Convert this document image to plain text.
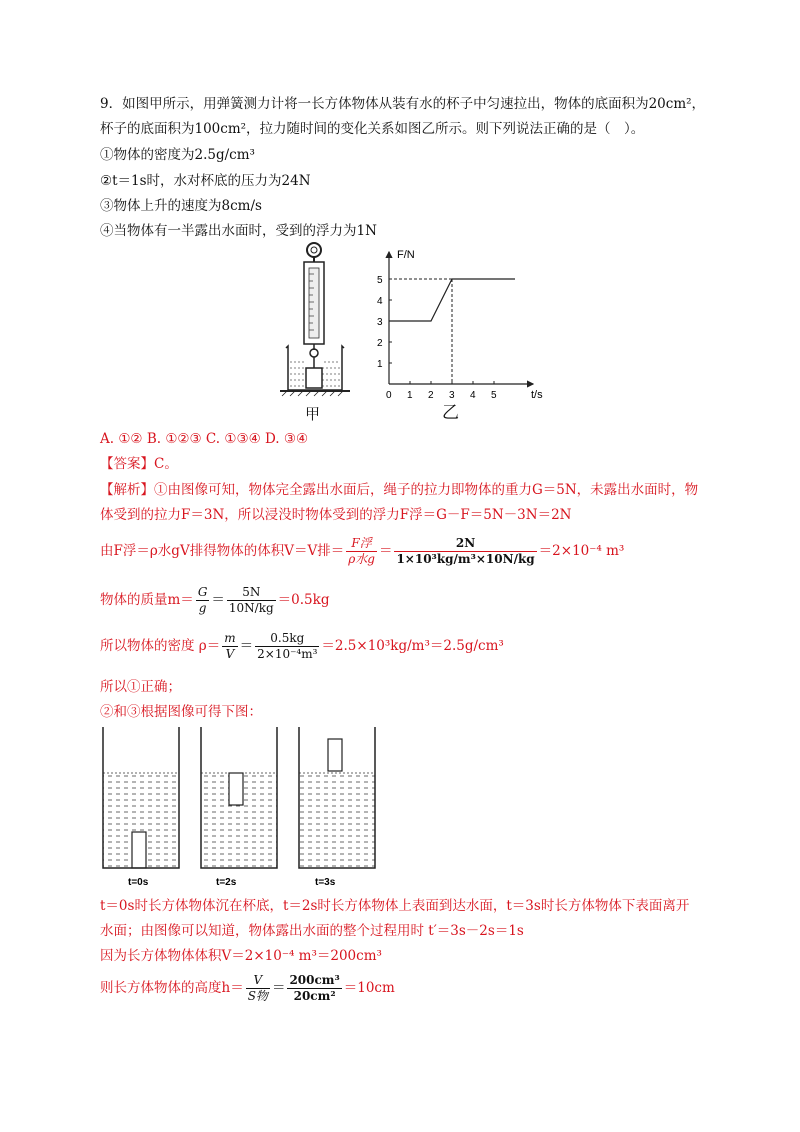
9．如图甲所示，用弹簧测力计将一长方体物体从装有水的杯子中匀速拉出，物体的底面积为20cm²，
杯子的底面积为100cm²，拉力随时间的变化关系如图乙所示。则下列说法正确的是（　）。
①物体的密度为2.5g/cm³
②t＝1s时，水对杯底的压力为24N
③物体上升的速度为8cm/s
④当物体有一半露出水面时，受到的浮力为1N
甲
F/N
t/s
0 1 2 3 4 5
1
2
3
4
5
乙
A. ①② B. ①②③ C. ①③④ D. ③④
【答案】C。
【解析】①由图像可知，物体完全露出水面后，绳子的拉力即物体的重力G＝5N，未露出水面时，物
体受到的拉力F＝3N，所以浸没时物体受到的浮力F浮＝G－F＝5N－3N＝2N
由F浮＝ρ水gV排得物体的体积V＝V排＝ $\frac{\text{F浮}}{\text{ρ水g}} = \frac{2N}{\text{1×10³kg/m³×10N/kg}} =2\times 10^{-4}$ m³
物体的质量$m= \frac{G}{g} = \frac{5N}{10N/kg} =0.5kg$
所以物体的密度 $\rho= \frac{m}{V} = \frac{0.5kg}{\text{2×10⁻⁴m³}} =2.5\times 10^3kg/m^3=2.5g/cm^3$
所以①正确；
②和③根据图像可得下图：
t=0s	t=2s	t=3s
t＝0s时长方体物体沉在杯底，t＝2s时长方体物体上表面到达水面，t＝3s时长方体物体下表面离开
水面；由图像可以知道，物体露出水面的整个过程用时 t′＝3s－2s＝1s
因为长方体物体体积V＝2×10⁻⁴ m³＝200cm³
则长方体物体的高度$h= \frac{V}{\text{S物}} = \frac{\text{200cm³}}{\text{20cm²}} =10cm$
